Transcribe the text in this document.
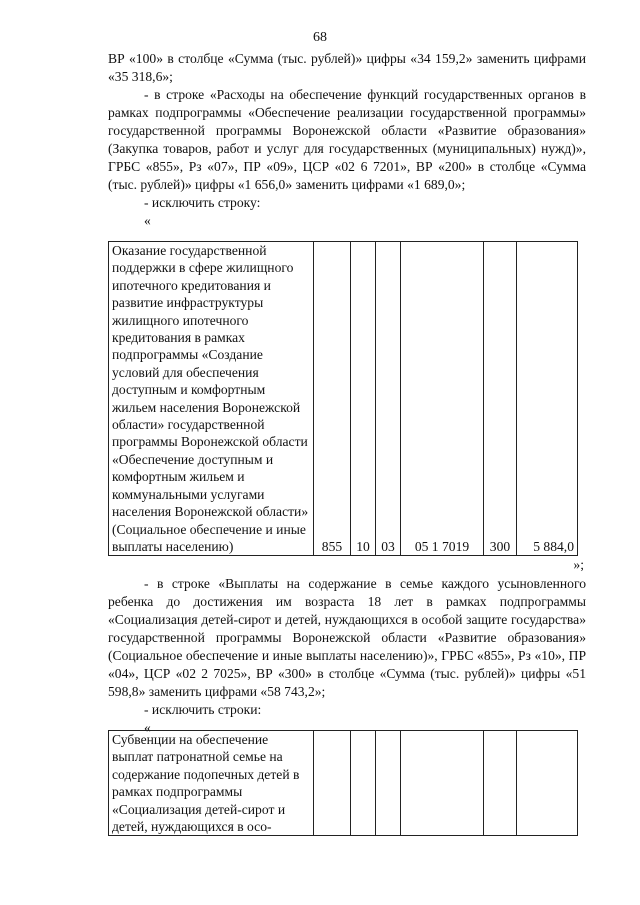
68

ВР «100» в столбце «Сумма (тыс. рублей)» цифры «34 159,2» заменить цифрами «35 318,6»;

- в строке «Расходы на обеспечение функций государственных органов в рамках подпрограммы «Обеспечение реализации государственной программы» государственной программы Воронежской области «Развитие образования» (Закупка товаров, работ и услуг для государственных (муниципальных) нужд)», ГРБС «855», Рз «07», ПР «09», ЦСР «02 6 7201», ВР «200» в столбце «Сумма (тыс. рублей)» цифры «1 656,0» заменить цифрами «1 689,0»;

- исключить строку:

«

Оказание государственной поддержки в сфере жилищного ипотечного кредитования и развитие инфраструктуры жилищного ипотечного кредитования в рамках подпрограммы «Создание условий для обеспечения доступным и комфортным жильем населения Воронежской области» государственной программы Воронежской области «Обеспечение доступным и комфортным жильем и коммунальными услугами населения Воронежской области» (Социальное обеспечение и иные выплаты населению)	855	10	03	05 1 7019	300	5 884,0
»;

- в строке «Выплаты на содержание в семье каждого усыновленного ребенка до достижения им возраста 18 лет в рамках подпрограммы «Социализация детей-сирот и детей, нуждающихся в особой защите государства» государственной программы Воронежской области «Развитие образования» (Социальное обеспечение и иные выплаты населению)», ГРБС «855», Рз «10», ПР «04», ЦСР «02 2 7025», ВР «300» в столбце «Сумма (тыс. рублей)» цифры «51 598,8» заменить цифрами «58 743,2»;

- исключить строки:

«

Субвенции на обеспечение выплат патронатной семье на содержание подопечных детей в рамках подпрограммы «Социализация детей-сирот и детей, нуждающихся в осо-						
